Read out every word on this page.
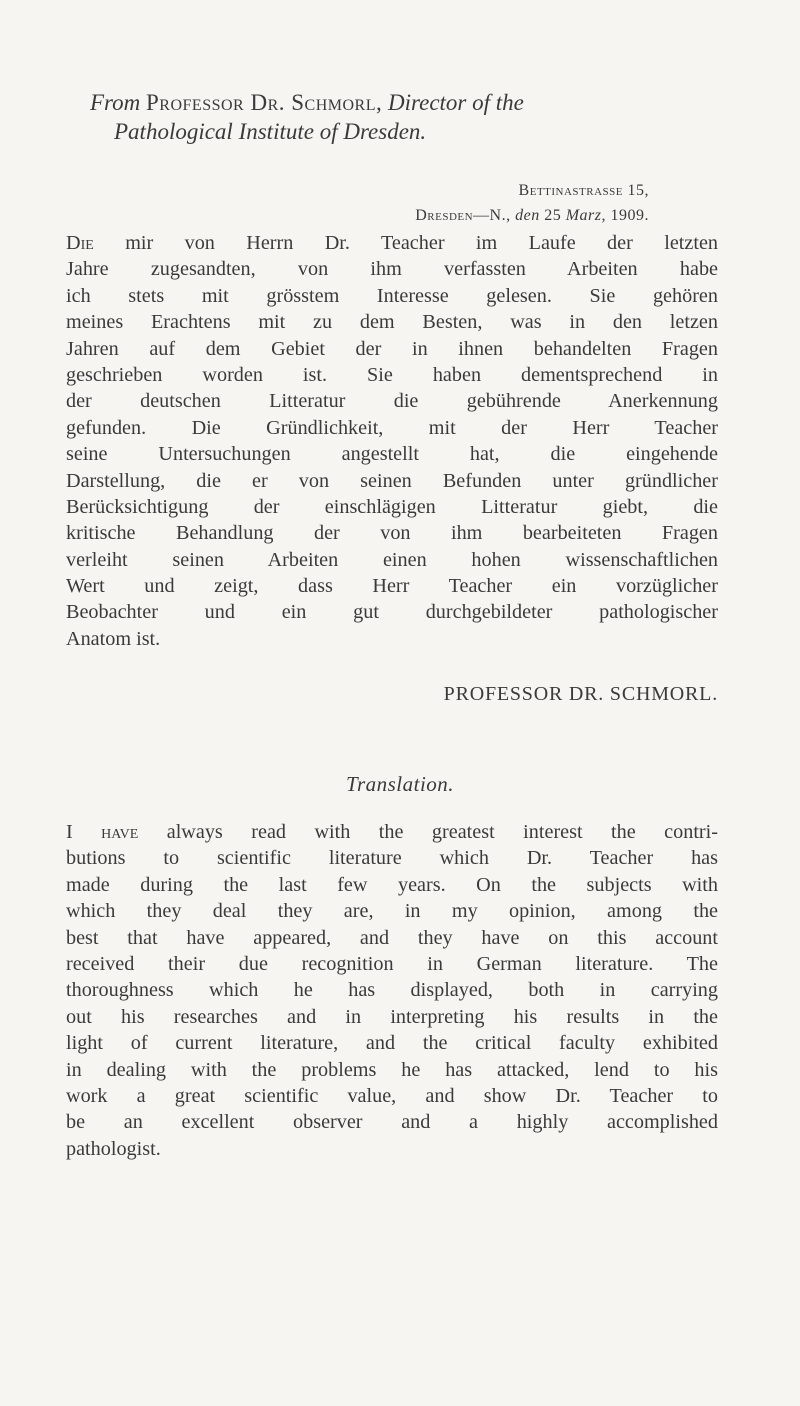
From Professor Dr. Schmorl, Director of the
Pathological Institute of Dresden.
Bettinastrasse 15,
Dresden—N., den 25 Marz, 1909.
Die mir von Herrn Dr. Teacher im Laufe der letzten
Jahre zugesandten, von ihm verfassten Arbeiten habe
ich stets mit grösstem Interesse gelesen. Sie gehören
meines Erachtens mit zu dem Besten, was in den letzen
Jahren auf dem Gebiet der in ihnen behandelten Fragen
geschrieben worden ist. Sie haben dementsprechend in
der deutschen Litteratur die gebührende Anerkennung
gefunden. Die Gründlichkeit, mit der Herr Teacher
seine Untersuchungen angestellt hat, die eingehende
Darstellung, die er von seinen Befunden unter gründlicher
Berücksichtigung der einschlägigen Litteratur giebt, die
kritische Behandlung der von ihm bearbeiteten Fragen
verleiht seinen Arbeiten einen hohen wissenschaftlichen
Wert und zeigt, dass Herr Teacher ein vorzüglicher
Beobachter und ein gut durchgebildeter pathologischer
Anatom ist.
PROFESSOR DR. SCHMORL.
Translation.
I have always read with the greatest interest the contri-
butions to scientific literature which Dr. Teacher has
made during the last few years. On the subjects with
which they deal they are, in my opinion, among the
best that have appeared, and they have on this account
received their due recognition in German literature. The
thoroughness which he has displayed, both in carrying
out his researches and in interpreting his results in the
light of current literature, and the critical faculty exhibited
in dealing with the problems he has attacked, lend to his
work a great scientific value, and show Dr. Teacher to
be an excellent observer and a highly accomplished
pathologist.
